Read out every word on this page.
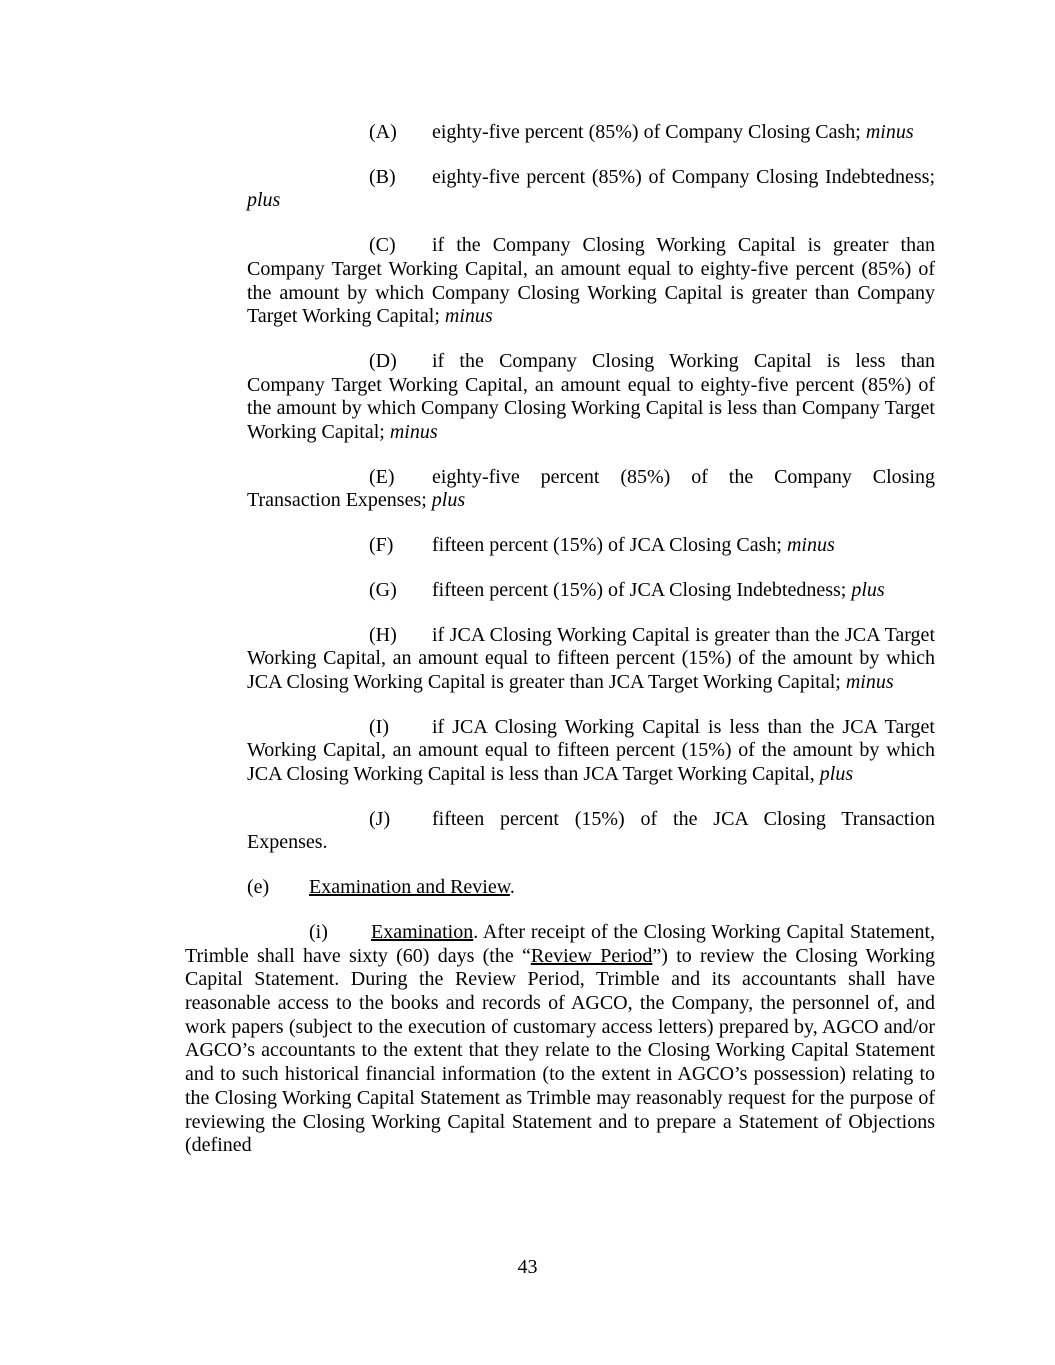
(A) eighty-five percent (85%) of Company Closing Cash; minus

(B) eighty-five percent (85%) of Company Closing Indebtedness; plus

(C) if the Company Closing Working Capital is greater than Company Target Working Capital, an amount equal to eighty-five percent (85%) of the amount by which Company Closing Working Capital is greater than Company Target Working Capital; minus

(D) if the Company Closing Working Capital is less than Company Target Working Capital, an amount equal to eighty-five percent (85%) of the amount by which Company Closing Working Capital is less than Company Target Working Capital; minus

(E) eighty-five percent (85%) of the Company Closing Transaction Expenses; plus

(F) fifteen percent (15%) of JCA Closing Cash; minus

(G) fifteen percent (15%) of JCA Closing Indebtedness; plus

(H) if JCA Closing Working Capital is greater than the JCA Target Working Capital, an amount equal to fifteen percent (15%) of the amount by which JCA Closing Working Capital is greater than JCA Target Working Capital; minus

(I) if JCA Closing Working Capital is less than the JCA Target Working Capital, an amount equal to fifteen percent (15%) of the amount by which JCA Closing Working Capital is less than JCA Target Working Capital, plus

(J) fifteen percent (15%) of the JCA Closing Transaction Expenses.

(e) Examination and Review.

(i) Examination. After receipt of the Closing Working Capital Statement, Trimble shall have sixty (60) days (the “Review Period”) to review the Closing Working Capital Statement. During the Review Period, Trimble and its accountants shall have reasonable access to the books and records of AGCO, the Company, the personnel of, and work papers (subject to the execution of customary access letters) prepared by, AGCO and/or AGCO’s accountants to the extent that they relate to the Closing Working Capital Statement and to such historical financial information (to the extent in AGCO’s possession) relating to the Closing Working Capital Statement as Trimble may reasonably request for the purpose of reviewing the Closing Working Capital Statement and to prepare a Statement of Objections (defined

43
